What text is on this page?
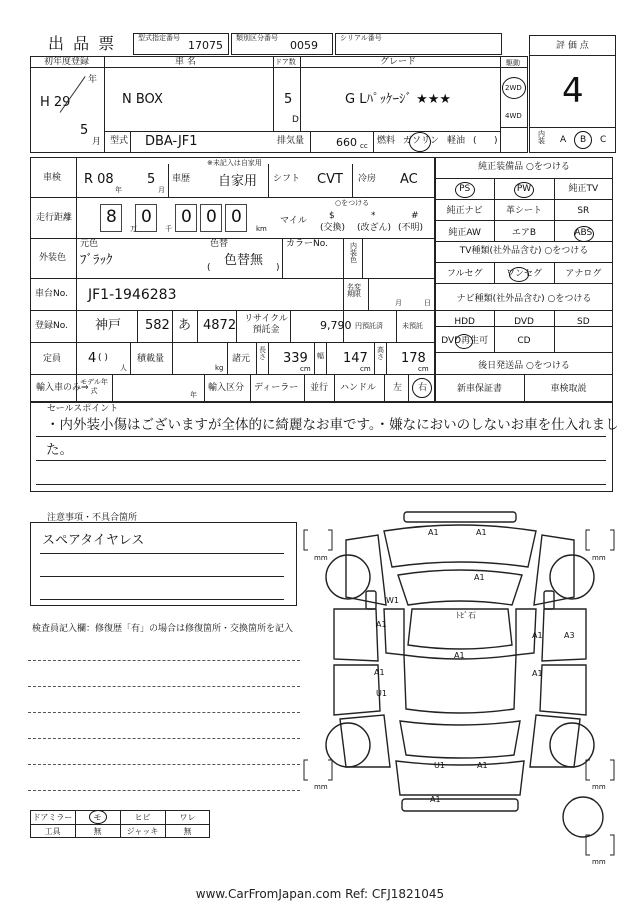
出 品 票	型式指定番号
17075
類別区分番号
0059
シリアル番号
評 価 点
4
内装 A B C
初年度登録
年
H 29
5
月
車 名
N BOX
ドア数
5
D
グレード
G Lﾊﾟｯｹｰｼﾞ ★★★
駆動
2WD
4WD
型式 DBA-JF1	排気量	660 cc 燃料 ガソリン 軽油 ( )
車検 R 08
年
5
月
※未記入は自家用
車歴 自家用 シフト CVT 冷房 AC
走行距離 8 0 0 0 0
万	千	km
マイル
○をつける
$
(交換)
*
(改ざん)
#
(不明)
外装色
元色
ﾌﾞﾗｯｸ
色替
( 色替無 )
カラーNo.	内装色
車台No. JF1-1946283	名変期限
月	日
登録No. 神戸 582 あ 4872 リサイクル預託金	9,790 円預託済	未預託
定員 4 ( )
人
積載量
kg
諸元
長さ 339
cm
幅 147
cm
高さ 178
cm
輸入車のみ⇒
モデル年式	年
輸入区分 ディーラー 並行 ハンドル 左 右
純正装備品 ○をつける
PS	PW	純正TV
純正ナビ	革シート	SR
純正AW	エアB	ABS
TV種類(社外品含む) ○をつける
フルセグ	ワンセグ	アナログ
ナビ種類(社外品含む) ○をつける
HDD	DVD	SD
DVD再生可	CD
後日発送品 ○をつける
新車保証書	車検取説
セールスポイント
・内外装小傷はございますが全体的に綺麗なお車です。・嫌なにおいのしないお車を仕入れまし
た。
注意事項・不具合箇所
スペアタイヤレス
検査員記入欄：修復歴「有」の場合は修復箇所・交換箇所を記入
ドアミラー	モ	ヒビ	ワレ
工具	無	ジャッキ	無
A1	A1
A1
W1
ﾄﾋﾞ石
A1
A1	A3
A1
A1
U1
A1
U1	A1
A1
mm	mm
mm	mm
mm
www.CarFromJapan.com Ref: CFJ1821045
